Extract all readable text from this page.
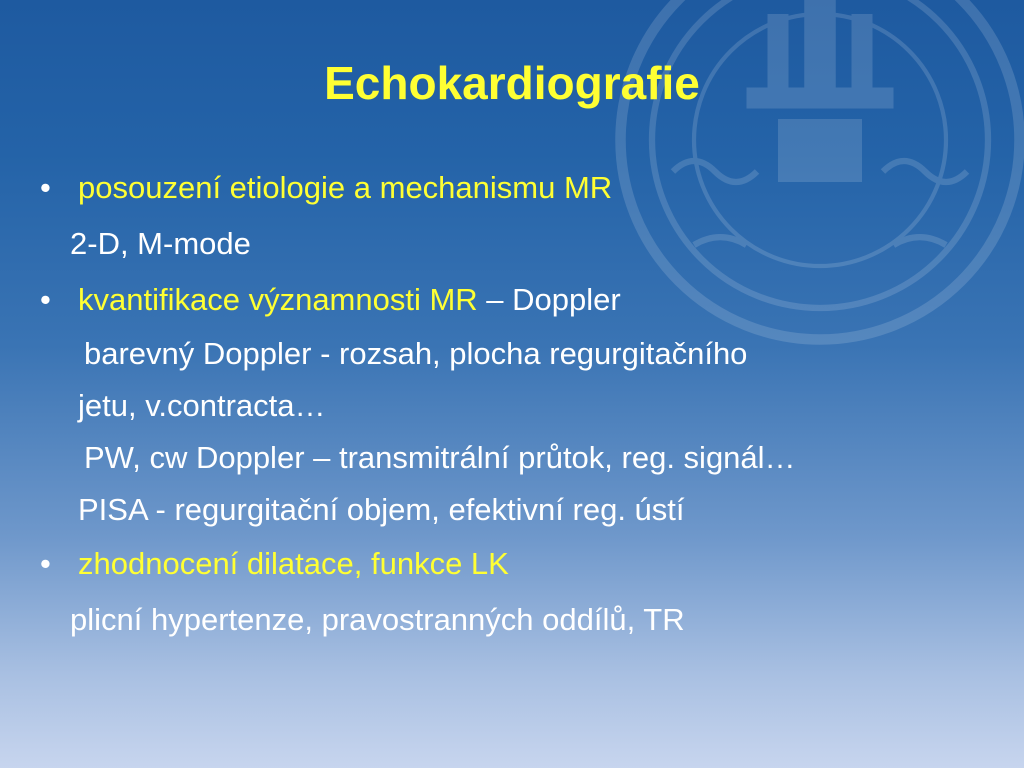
Echokardiografie
• posouzení etiologie a mechanismu MR
2-D, M-mode
• kvantifikace významnosti MR – Doppler
barevný Doppler - rozsah, plocha regurgitačního
jetu, v.contracta…
PW, cw Doppler – transmitrální průtok, reg. signál…
PISA - regurgitační objem, efektivní reg. ústí
• zhodnocení dilatace, funkce LK
plicní hypertenze, pravostranných oddílů, TR
